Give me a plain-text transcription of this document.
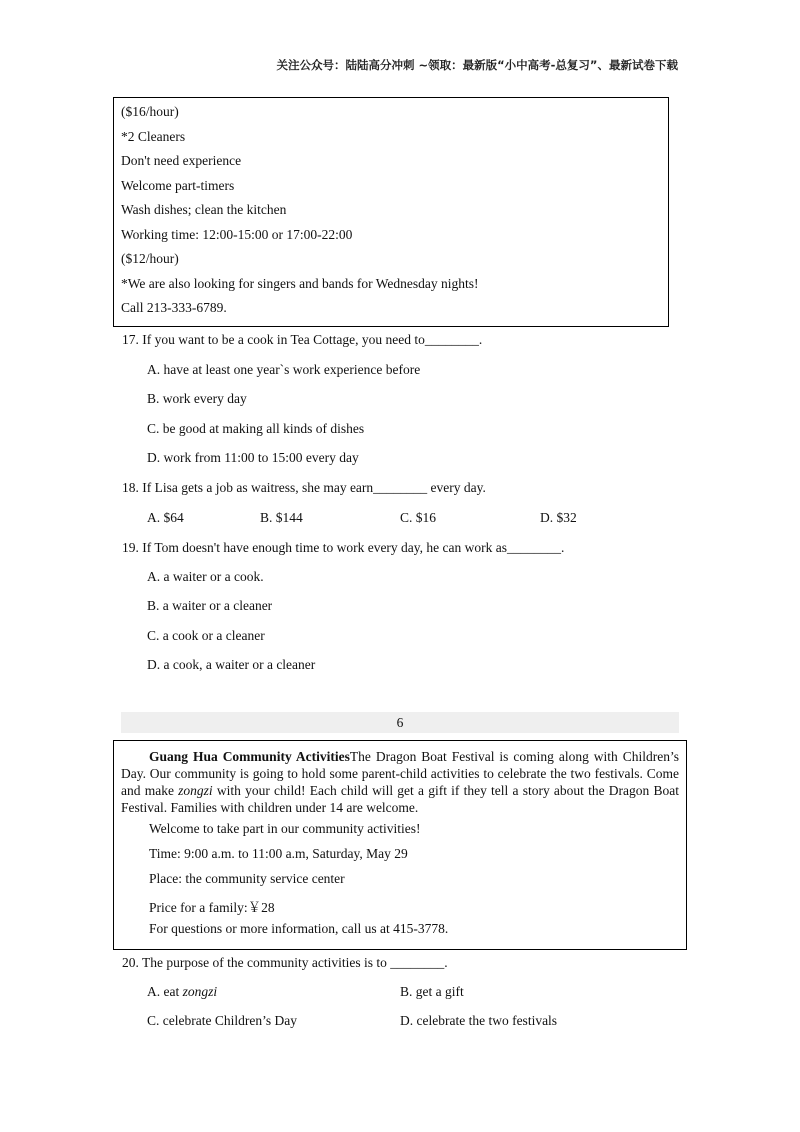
关注公众号：陆陆高分冲刺 ~领取：最新版“小中高考-总复习”、最新试卷下载
($16/hour)
*2 Cleaners
Don't need experience
Welcome part-timers
Wash dishes; clean the kitchen
Working time: 12:00-15:00 or 17:00-22:00
($12/hour)
*We are also looking for singers and bands for Wednesday nights!
Call 213-333-6789.
17. If you want to be a cook in Tea Cottage, you need to________.
A. have at least one year`s work experience before
B. work every day
C. be good at making all kinds of dishes
D. work from 11:00 to 15:00 every day
18. If Lisa gets a job as waitress, she may earn________ every day.
A. $64	B. $144	C. $16	D. $32
19. If Tom doesn't have enough time to work every day, he can work as________.
A. a waiter or a cook.
B. a waiter or a cleaner
C. a cook or a cleaner
D. a cook, a waiter or a cleaner
6
Guang Hua Community ActivitiesThe Dragon Boat Festival is coming along with Children’s Day. Our community is going to hold some parent-child activities to celebrate the two festivals. Come and make zongzi with your child! Each child will get a gift if they tell a story about the Dragon Boat Festival. Families with children under 14 are welcome.
Welcome to take part in our community activities!
Time: 9:00 a.m. to 11:00 a.m, Saturday, May 29
Place: the community service center
Price for a family:￥28
For questions or more information, call us at 415-3778.
20. The purpose of the community activities is to ________.
A. eat zongzi	B. get a gift
C. celebrate Children’s Day	D. celebrate the two festivals
